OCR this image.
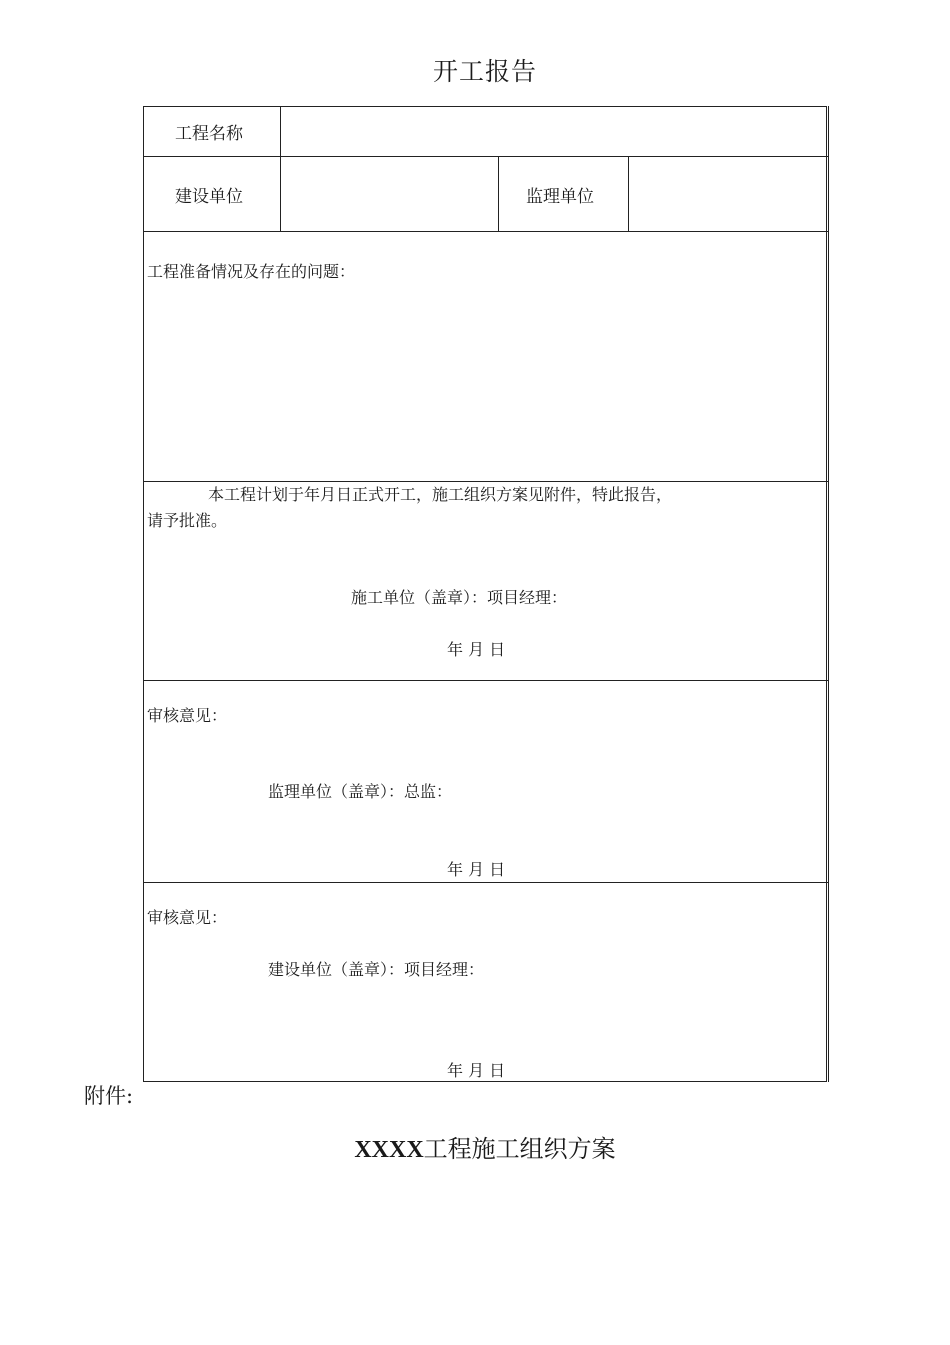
开工报告
工程名称
建设单位	监理单位
工程准备情况及存在的问题：
本工程计划于年月日正式开工，施工组织方案见附件，特此报告，
请予批准。
施工单位（盖章）：项目经理：
年 月 日
审核意见：
监理单位（盖章）：总监：
年 月 日
审核意见：
建设单位（盖章）：项目经理：
年 月 日
附件:
XXXX工程施工组织方案
